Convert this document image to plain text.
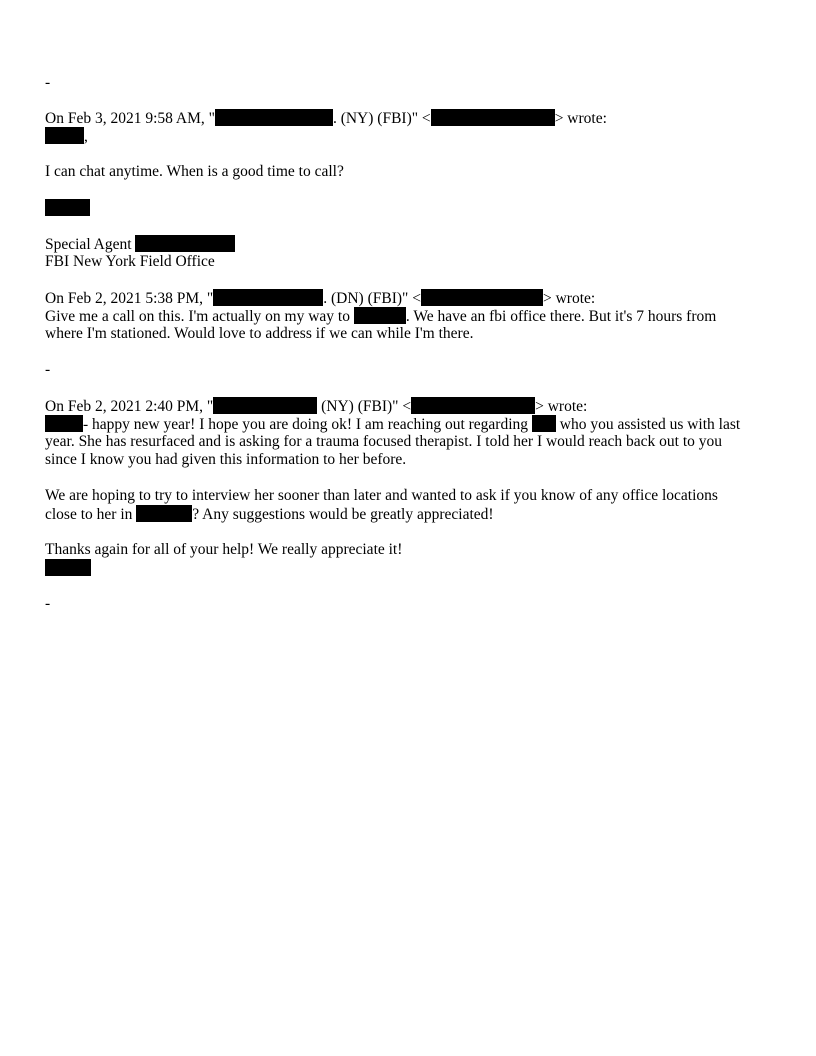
-
On Feb 3, 2021 9:58 AM, "	. (NY) (FBI)" <	> wrote:
,
I can chat anytime. When is a good time to call?
Special Agent
FBI New York Field Office
On Feb 2, 2021 5:38 PM, "	. (DN) (FBI)" <	> wrote:
Give me a call on this. I'm actually on my way to	. We have an fbi office there. But it's 7 hours from
where I'm stationed. Would love to address if we can while I'm there.
-
On Feb 2, 2021 2:40 PM, "	(NY) (FBI)" <	> wrote:
- happy new year! I hope you are doing ok! I am reaching out regarding  who you assisted us with last
year. She has resurfaced and is asking for a trauma focused therapist. I told her I would reach back out to you
since I know you had given this information to her before.
We are hoping to try to interview her sooner than later and wanted to ask if you know of any office locations
close to her in	? Any suggestions would be greatly appreciated!
Thanks again for all of your help! We really appreciate it!
-
